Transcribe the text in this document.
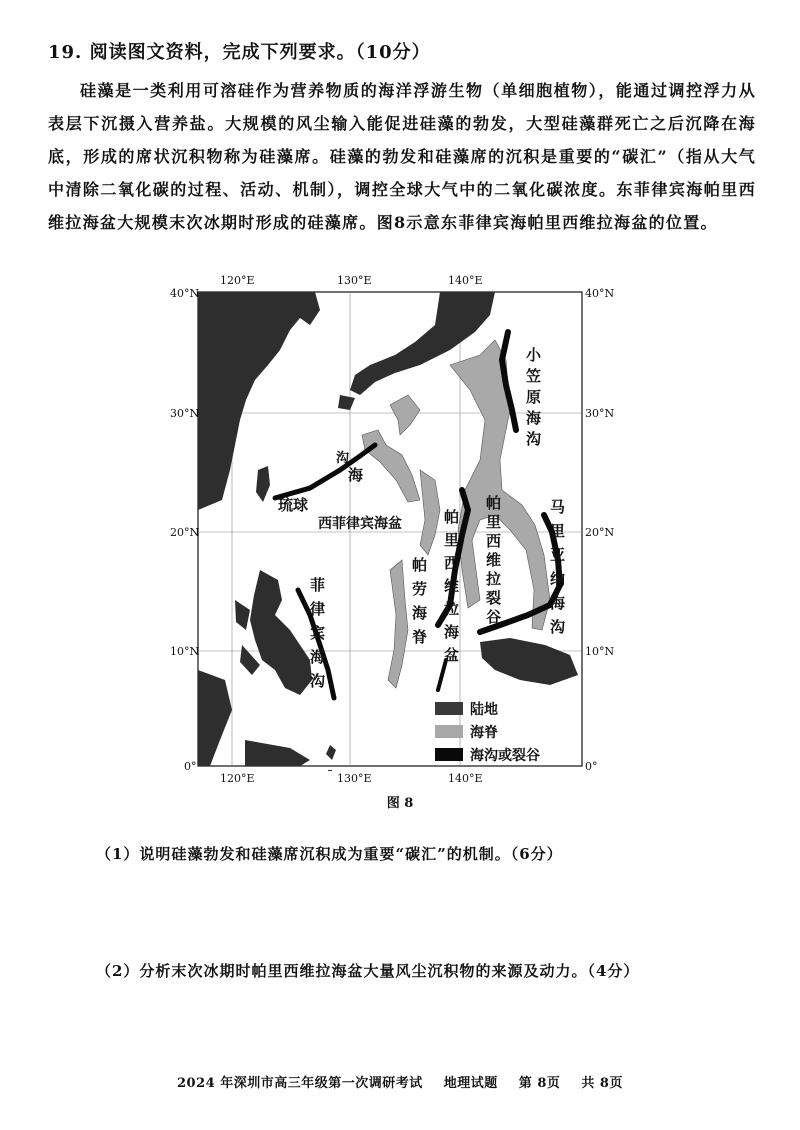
19. 阅读图文资料，完成下列要求。（10分）
硅藻是一类利用可溶硅作为营养物质的海洋浮游生物（单细胞植物），能通过调控浮力从表层下沉摄入营养盐。大规模的风尘输入能促进硅藻的勃发，大型硅藻群死亡之后沉降在海底，形成的席状沉积物称为硅藻席。硅藻的勃发和硅藻席的沉积是重要的“碳汇”（指从大气中清除二氧化碳的过程、活动、机制），调控全球大气中的二氧化碳浓度。东菲律宾海帕里西维拉海盆大规模末次冰期时形成的硅藻席。图8示意东菲律宾海帕里西维拉海盆的位置。
120°E	130°E	140°E
120°E	130°E	140°E
40°N
30°N
20°N
10°N
0°
40°N
30°N
20°N
10°N
0°
小笠原海沟
帕里西维拉海盆
帕里西维拉裂谷
帕劳海脊
菲律宾海沟
马里亚纳海沟
琉球
海
沟
西菲律宾海盆
陆地
海脊
海沟或裂谷
图 8
（1）说明硅藻勃发和硅藻席沉积成为重要“碳汇”的机制。（6分）
（2）分析末次冰期时帕里西维拉海盆大量风尘沉积物的来源及动力。（4分）
2024 年深圳市高三年级第一次调研考试 地理试题 第 8页 共 8页
